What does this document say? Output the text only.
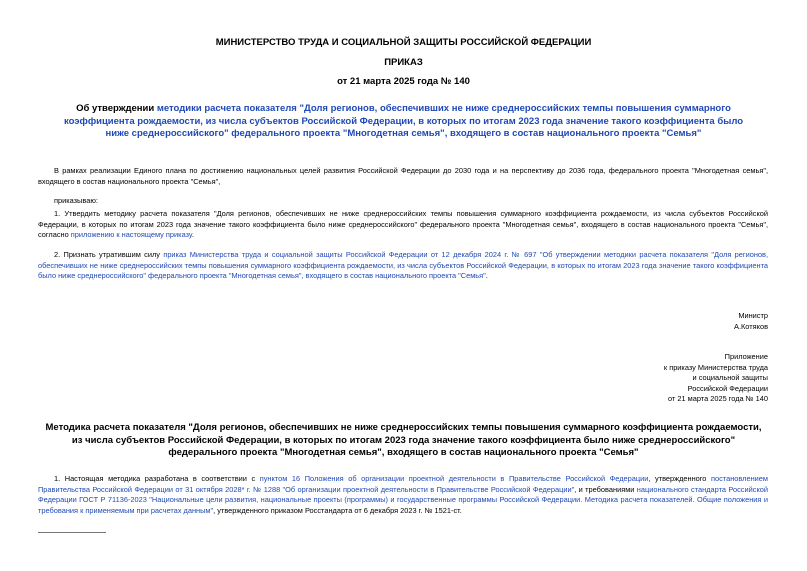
МИНИСТЕРСТВО ТРУДА И СОЦИАЛЬНОЙ ЗАЩИТЫ РОССИЙСКОЙ ФЕДЕРАЦИИ
ПРИКАЗ
от 21 марта 2025 года № 140
Об утверждении методики расчета показателя "Доля регионов, обеспечивших не ниже среднероссийских темпы повышения суммарного коэффициента рождаемости, из числа субъектов Российской Федерации, в которых по итогам 2023 года значение такого коэффициента было ниже среднероссийского" федерального проекта "Многодетная семья", входящего в состав национального проекта "Семья"
В рамках реализации Единого плана по достижению национальных целей развития Российской Федерации до 2030 года и на перспективу до 2036 года, федерального проекта "Многодетная семья", входящего в состав национального проекта "Семья",
приказываю:
1. Утвердить методику расчета показателя "Доля регионов, обеспечивших не ниже среднероссийских темпы повышения суммарного коэффициента рождаемости, из числа субъектов Российской Федерации, в которых по итогам 2023 года значение такого коэффициента было ниже среднероссийского" федерального проекта "Многодетная семья", входящего в состав национального проекта "Семья", согласно приложению к настоящему приказу.
2. Признать утратившим силу приказ Министерства труда и социальной защиты Российской Федерации от 12 декабря 2024 г. № 697 "Об утверждении методики расчета показателя "Доля регионов, обеспечивших не ниже среднероссийских темпы повышения суммарного коэффициента рождаемости, из числа субъектов Российской Федерации, в которых по итогам 2023 года значение такого коэффициента было ниже среднероссийского" федерального проекта "Многодетная семья", входящего в состав национального проекта "Семья".
Министр
А.Котяков
Приложение
к приказу Министерства труда
и социальной защиты
Российской Федерации
от 21 марта 2025 года № 140
Методика расчета показателя "Доля регионов, обеспечивших не ниже среднероссийских темпы повышения суммарного коэффициента рождаемости, из числа субъектов Российской Федерации, в которых по итогам 2023 года значение такого коэффициента было ниже среднероссийского" федерального проекта "Многодетная семья", входящего в состав национального проекта "Семья"
1. Настоящая методика разработана в соответствии с пунктом 16 Положения об организации проектной деятельности в Правительстве Российской Федерации, утвержденного постановлением Правительства Российской Федерации от 31 октября 2028* г. № 1288 "Об организации проектной деятельности в Правительстве Российской Федерации", и требованиями национального стандарта Российской Федерации ГОСТ Р 71136-2023 "Национальные цели развития, национальные проекты (программы) и государственные программы Российской Федерации. Методика расчета показателей. Общие положения и требования к применяемым при расчетах данным", утвержденного приказом Росстандарта от 6 декабря 2023 г. № 1521-ст.
